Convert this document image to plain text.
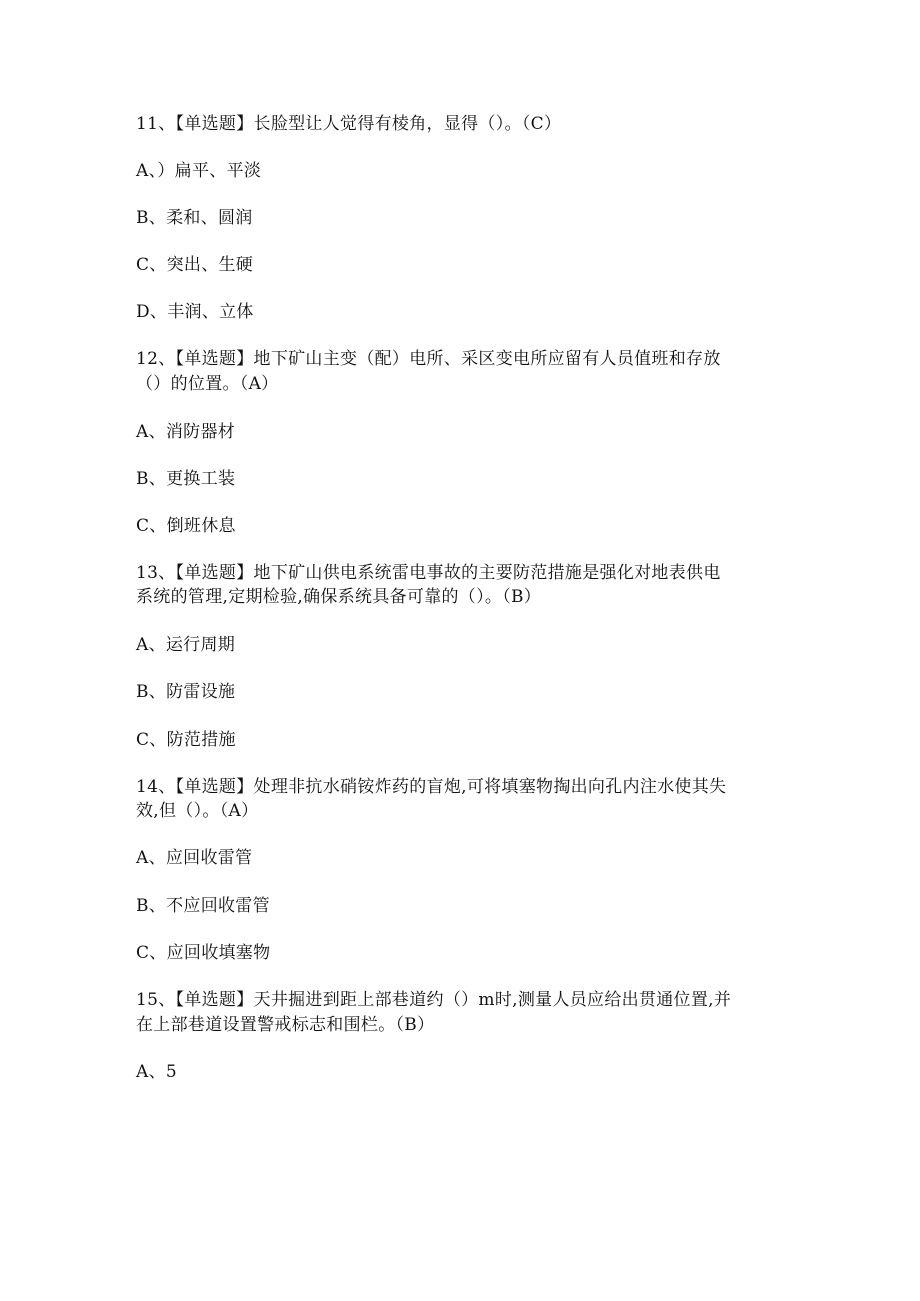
11、【单选题】长脸型让人觉得有棱角，显得（）。（C）
A、）扁平、平淡
B、柔和、圆润
C、突出、生硬
D、丰润、立体
12、【单选题】地下矿山主变（配）电所、采区变电所应留有人员值班和存放
（）的位置。（A）
A、消防器材
B、更换工装
C、倒班休息
13、【单选题】地下矿山供电系统雷电事故的主要防范措施是强化对地表供电
系统的管理,定期检验,确保系统具备可靠的（）。（B）
A、运行周期
B、防雷设施
C、防范措施
14、【单选题】处理非抗水硝铵炸药的盲炮,可将填塞物掏出向孔内注水使其失
效,但（）。（A）
A、应回收雷管
B、不应回收雷管
C、应回收填塞物
15、【单选题】天井掘进到距上部巷道约（）m时,测量人员应给出贯通位置,并
在上部巷道设置警戒标志和围栏。（B）
A、5
